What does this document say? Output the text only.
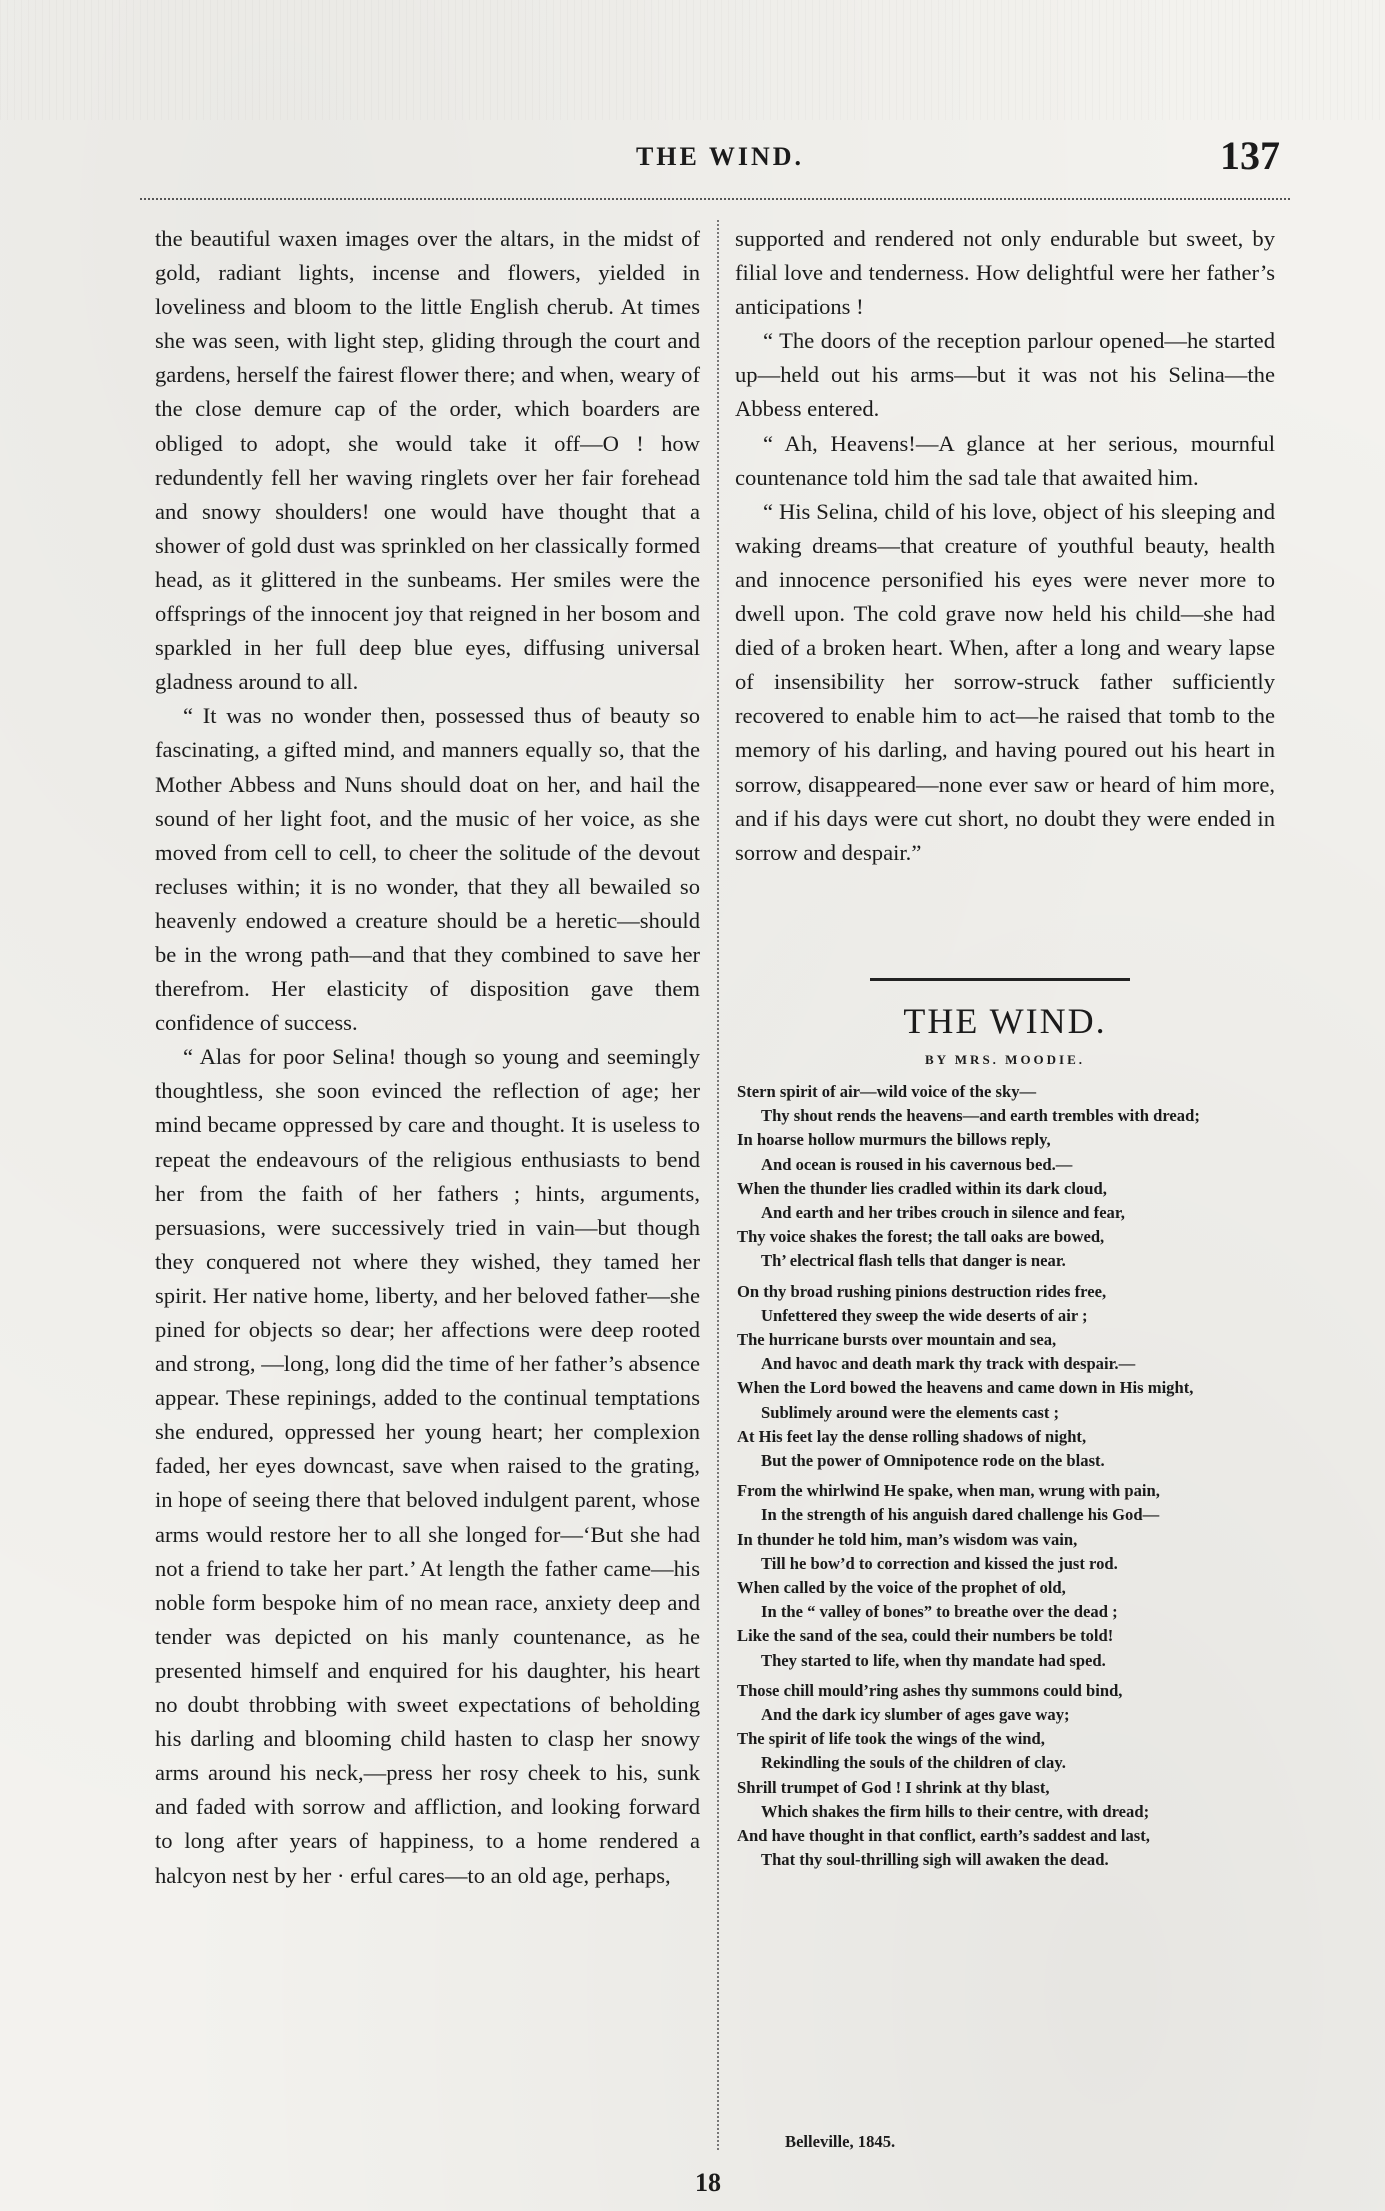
THE WIND.	137

the beautiful waxen images over the altars, in the midst of gold, radiant lights, incense and flowers, yielded in loveliness and bloom to the little English cherub. At times she was seen, with light step, gliding through the court and gardens, herself the fairest flower there; and when, weary of the close demure cap of the order, which boarders are obliged to adopt, she would take it off—O ! how redundently fell her waving ringlets over her fair forehead and snowy shoulders! one would have thought that a shower of gold dust was sprinkled on her classically formed head, as it glittered in the sunbeams. Her smiles were the offsprings of the innocent joy that reigned in her bosom and sparkled in her full deep blue eyes, diffusing universal gladness around to all.

“ It was no wonder then, possessed thus of beauty so fascinating, a gifted mind, and manners equally so, that the Mother Abbess and Nuns should doat on her, and hail the sound of her light foot, and the music of her voice, as she moved from cell to cell, to cheer the solitude of the devout recluses within; it is no wonder, that they all bewailed so heavenly endowed a creature should be a heretic—should be in the wrong path—and that they combined to save her therefrom. Her elasticity of disposition gave them confidence of success.

“ Alas for poor Selina! though so young and seemingly thoughtless, she soon evinced the reflection of age; her mind became oppressed by care and thought. It is useless to repeat the endeavours of the religious enthusiasts to bend her from the faith of her fathers ; hints, arguments, persuasions, were successively tried in vain—but though they conquered not where they wished, they tamed her spirit. Her native home, liberty, and her beloved father—she pined for objects so dear; her affections were deep rooted and strong, —long, long did the time of her father’s absence appear. These repinings, added to the continual temptations she endured, oppressed her young heart; her complexion faded, her eyes downcast, save when raised to the grating, in hope of seeing there that beloved indulgent parent, whose arms would restore her to all she longed for—‘But she had not a friend to take her part.’ At length the father came—his noble form bespoke him of no mean race, anxiety deep and tender was depicted on his manly countenance, as he presented himself and enquired for his daughter, his heart no doubt throbbing with sweet expectations of beholding his darling and blooming child hasten to clasp her snowy arms around his neck,—press her rosy cheek to his, sunk and faded with sorrow and affliction, and looking forward to long after years of happiness, to a home rendered a halcyon nest by her · erful cares—to an old age, perhaps,

supported and rendered not only endurable but sweet, by filial love and tenderness. How delightful were her father’s anticipations !

“ The doors of the reception parlour opened—he started up—held out his arms—but it was not his Selina—the Abbess entered.

“ Ah, Heavens!—A glance at her serious, mournful countenance told him the sad tale that awaited him.

“ His Selina, child of his love, object of his sleeping and waking dreams—that creature of youthful beauty, health and innocence personified his eyes were never more to dwell upon. The cold grave now held his child—she had died of a broken heart. When, after a long and weary lapse of insensibility her sorrow-struck father sufficiently recovered to enable him to act—he raised that tomb to the memory of his darling, and having poured out his heart in sorrow, disappeared—none ever saw or heard of him more, and if his days were cut short, no doubt they were ended in sorrow and despair.”

THE WIND.
BY MRS. MOODIE.
Stern spirit of air—wild voice of the sky—
Thy shout rends the heavens—and earth trembles with dread;
In hoarse hollow murmurs the billows reply,
And ocean is roused in his cavernous bed.—
When the thunder lies cradled within its dark cloud,
And earth and her tribes crouch in silence and fear,
Thy voice shakes the forest; the tall oaks are bowed,
Th’ electrical flash tells that danger is near.
On thy broad rushing pinions destruction rides free,
Unfettered they sweep the wide deserts of air ;
The hurricane bursts over mountain and sea,
And havoc and death mark thy track with despair.—
When the Lord bowed the heavens and came down in His might,
Sublimely around were the elements cast ;
At His feet lay the dense rolling shadows of night,
But the power of Omnipotence rode on the blast.
From the whirlwind He spake, when man, wrung with pain,
In the strength of his anguish dared challenge his God—
In thunder he told him, man’s wisdom was vain,
Till he bow’d to correction and kissed the just rod.
When called by the voice of the prophet of old,
In the “ valley of bones” to breathe over the dead ;
Like the sand of the sea, could their numbers be told!
They started to life, when thy mandate had sped.
Those chill mould’ring ashes thy summons could bind,
And the dark icy slumber of ages gave way;
The spirit of life took the wings of the wind,
Rekindling the souls of the children of clay.
Shrill trumpet of God ! I shrink at thy blast,
Which shakes the firm hills to their centre, with dread;
And have thought in that conflict, earth’s saddest and last,
That thy soul-thrilling sigh will awaken the dead.
Belleville, 1845.
18
